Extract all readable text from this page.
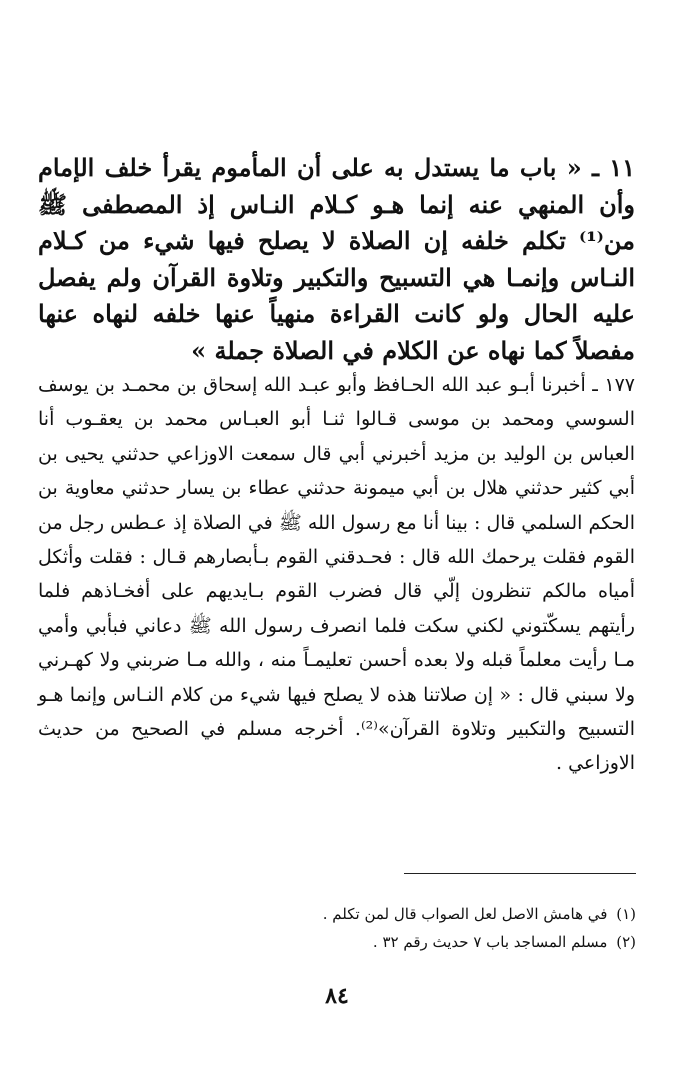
١١ ـ « باب ما يستدل به على أن المأموم يقرأ خلف الإمام وأن المنهي عنه إنما هـو كـلام النـاس إذ المصطفى ﷺ من⁽¹⁾ تكلم خلفه إن الصلاة لا يصلح فيها شيء من كـلام النـاس وإنمـا هي التسبيح والتكبير وتلاوة القرآن ولم يفصل عليه الحال ولو كانت القراءة منهياً عنها خلفه لنهاه عنها مفصلاً كما نهاه عن الكلام في الصلاة جملة »
١٧٧ ـ أخبرنا أبـو عبد الله الحـافظ وأبو عبـد الله إسحاق بن محمـد بن يوسف السوسي ومحمد بن موسى قـالوا ثنـا أبو العبـاس محمد بن يعقـوب أنا العباس بن الوليد بن مزيد أخبرني أبي قال سمعت الاوزاعي حدثني يحيى بن أبي كثير حدثني هلال بن أبي ميمونة حدثني عطاء بن يسار حدثني معاوية بن الحكم السلمي قال : بينا أنا مع رسول الله ﷺ في الصلاة إذ عـطس رجل من القوم فقلت يرحمك الله قال : فحـدقني القوم بـأبصارهم قـال : فقلت وأثكل أمياه مالكم تنظرون إلّي قال فضرب القوم بـايديهم على أفخـاذهم فلما رأيتهم يسكّتوني لكني سكت فلما انصرف رسول الله ﷺ دعاني فبأبي وأمي مـا رأيت معلماً قبله ولا بعده أحسن تعليمـاً منه ، والله مـا ضربني ولا كهـرني ولا سبني قال : « إن صلاتنا هذه لا يصلح فيها شيء من كلام النـاس وإنما هـو التسبيح والتكبير وتلاوة القرآن»⁽²⁾. أخرجه مسلم في الصحيح من حديث الاوزاعي .
(١) في هامش الاصل لعل الصواب قال لمن تكلم .
(٢) مسلم المساجد باب ٧ حديث رقم ٣٢ .
٨٤
